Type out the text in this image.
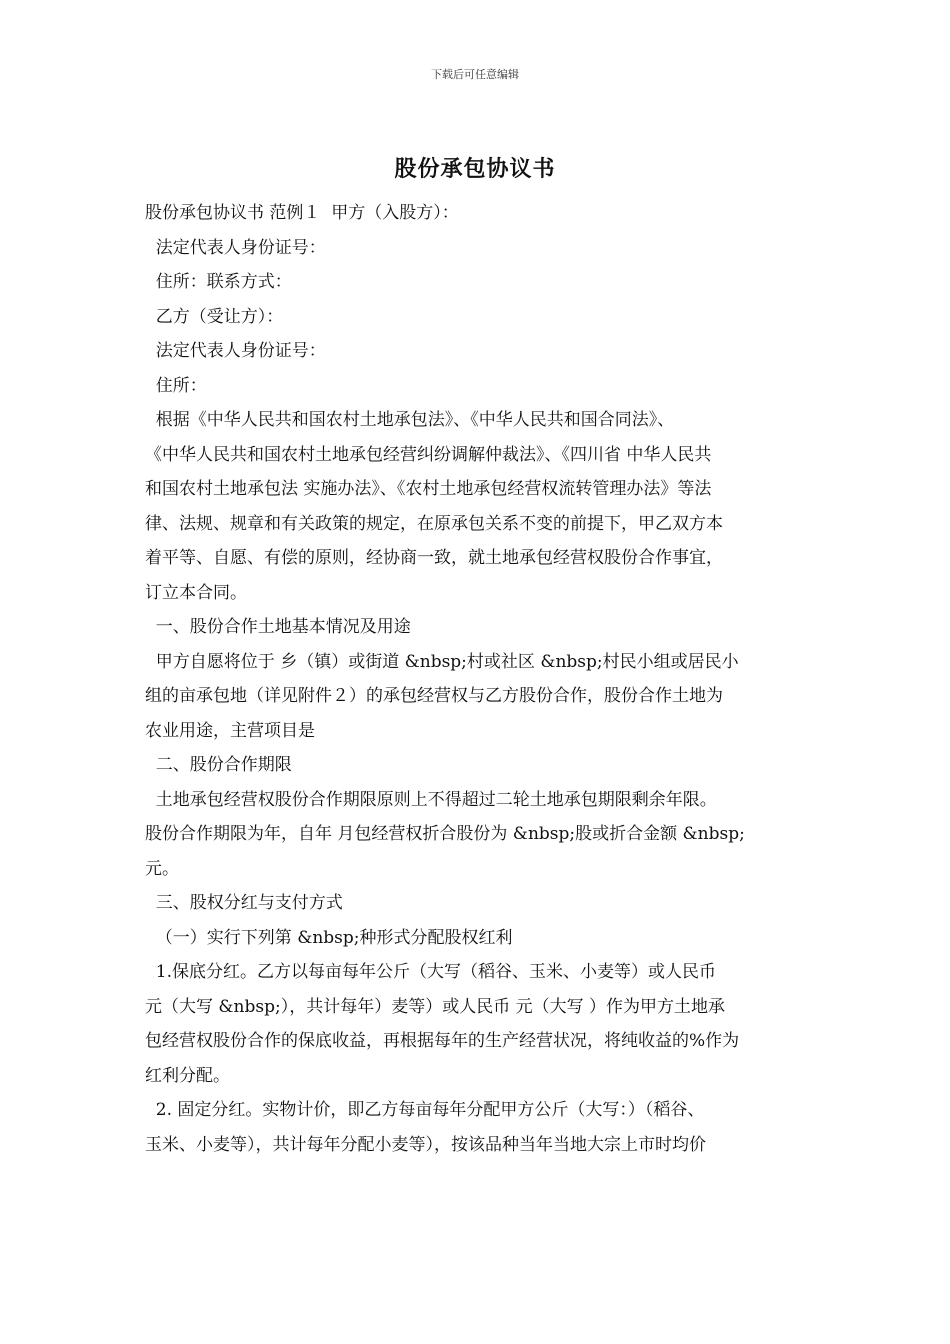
下载后可任意编辑
股份承包协议书
股份承包协议书 范例１  甲方（入股方）：
法定代表人身份证号：
住所：联系方式：
乙方（受让方）：
法定代表人身份证号：
住所：
根据《中华人民共和国农村土地承包法》、《中华人民共和国合同法》、
《中华人民共和国农村土地承包经营纠纷调解仲裁法》、《四川省 中华人民共
和国农村土地承包法 实施办法》、《农村土地承包经营权流转管理办法》等法
律、法规、规章和有关政策的规定，在原承包关系不变的前提下，甲乙双方本
着平等、自愿、有偿的原则，经协商一致，就土地承包经营权股份合作事宜，
订立本合同。
一、股份合作土地基本情况及用途
甲方自愿将位于 乡（镇）或街道 &nbsp;村或社区 &nbsp;村民小组或居民小
组的亩承包地（详见附件２）的承包经营权与乙方股份合作，股份合作土地为
农业用途，主营项目是
二、股份合作期限
土地承包经营权股份合作期限原则上不得超过二轮土地承包期限剩余年限。
股份合作期限为年，自年 月包经营权折合股份为 &nbsp;股或折合金额 &nbsp;
元。
三、股权分红与支付方式
（一）实行下列第 &nbsp;种形式分配股权红利
1.保底分红。乙方以每亩每年公斤（大写（稻谷、玉米、小麦等）或人民币
元（大写 &nbsp;），共计每年）麦等）或人民币 元（大写 ）作为甲方土地承
包经营权股份合作的保底收益，再根据每年的生产经营状况，将纯收益的%作为
红利分配。
2. 固定分红。实物计价，即乙方每亩每年分配甲方公斤（大写：）（稻谷、
玉米、小麦等），共计每年分配小麦等），按该品种当年当地大宗上市时均价
